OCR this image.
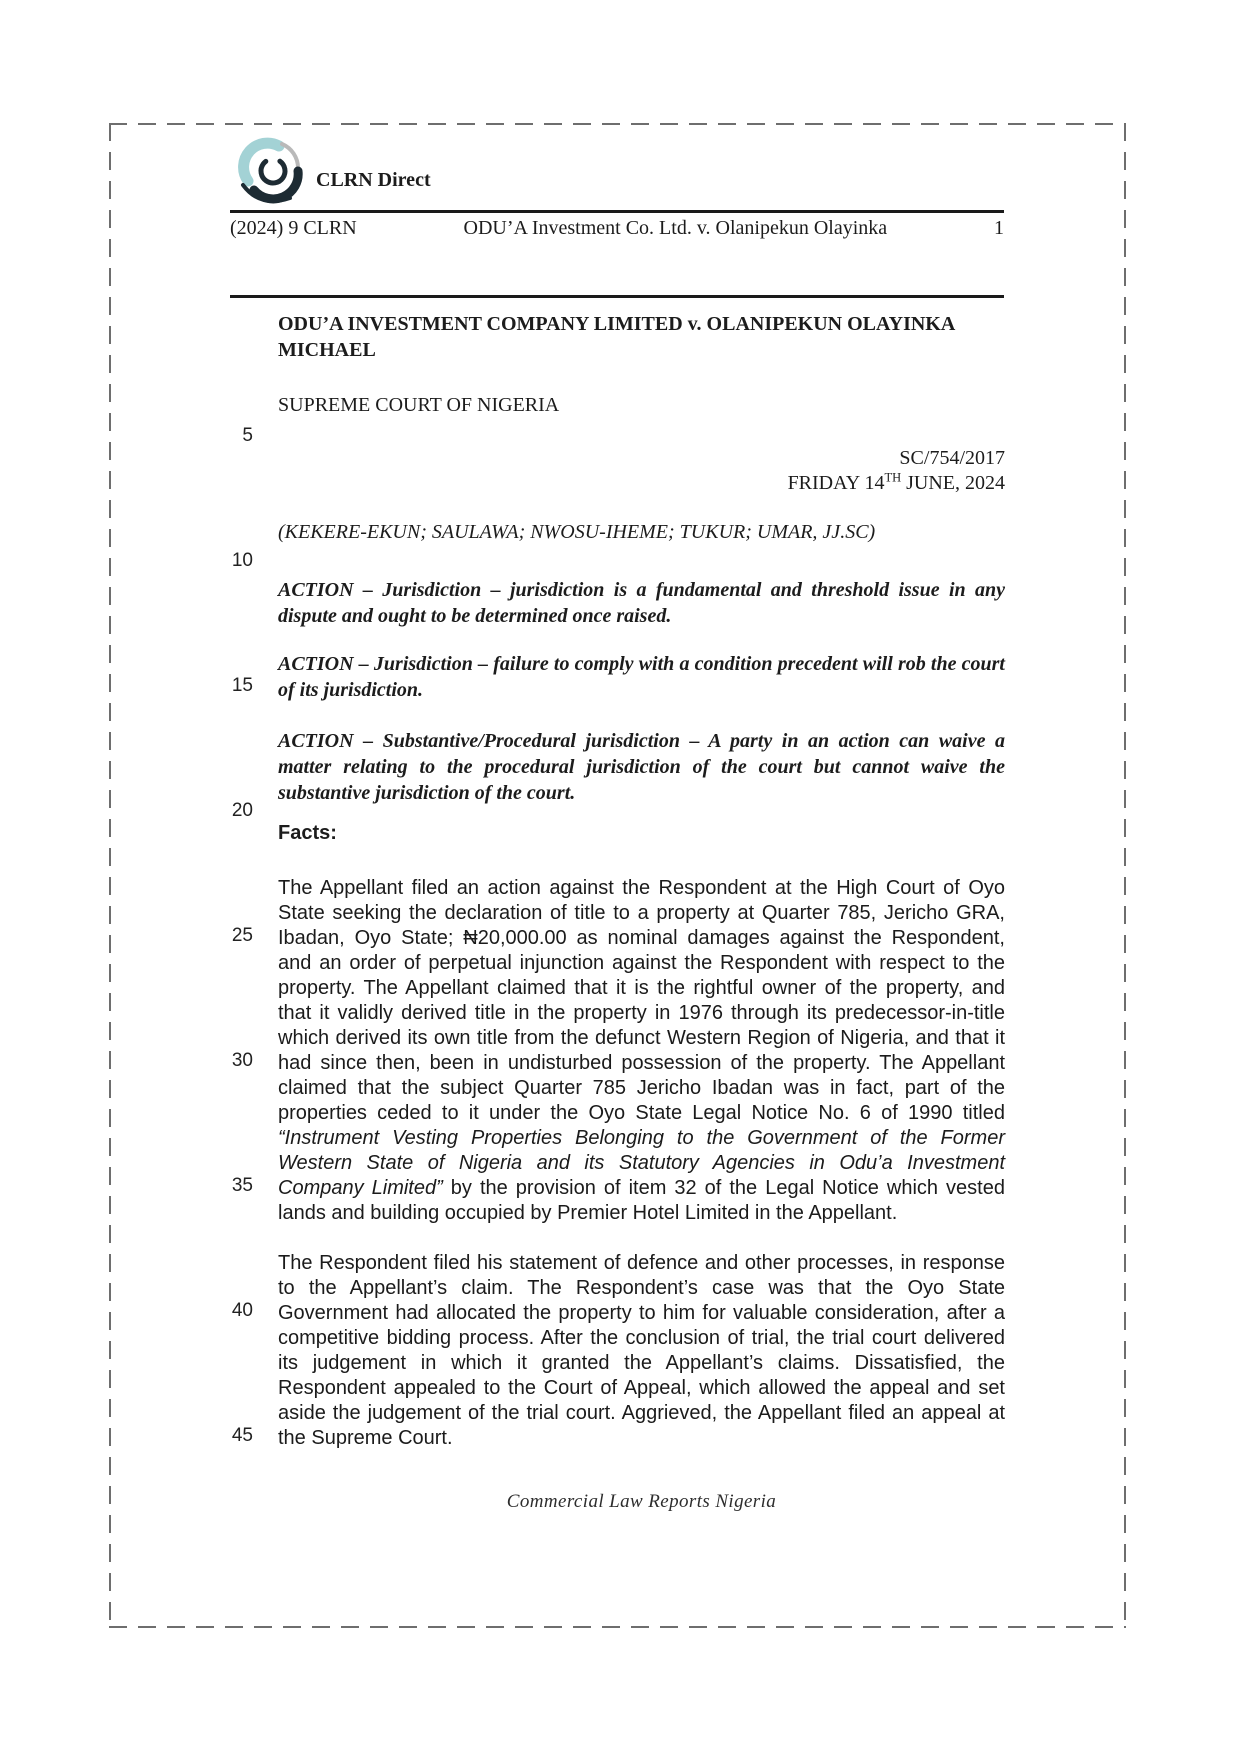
CLRN Direct
(2024) 9 CLRN	ODU’A Investment Co. Ltd. v. Olanipekun Olayinka	1
ODU’A INVESTMENT COMPANY LIMITED v. OLANIPEKUN OLAYINKA MICHAEL
SUPREME COURT OF NIGERIA
SC/754/2017
FRIDAY 14TH JUNE, 2024
(KEKERE-EKUN; SAULAWA; NWOSU-IHEME; TUKUR; UMAR, JJ.SC)
ACTION – Jurisdiction – jurisdiction is a fundamental and threshold issue in any dispute and ought to be determined once raised.
ACTION – Jurisdiction – failure to comply with a condition precedent will rob the court of its jurisdiction.
ACTION – Substantive/Procedural jurisdiction – A party in an action can waive a matter relating to the procedural jurisdiction of the court but cannot waive the substantive jurisdiction of the court.
Facts:
The Appellant filed an action against the Respondent at the High Court of Oyo State seeking the declaration of title to a property at Quarter 785, Jericho GRA, Ibadan, Oyo State; ₦20,000.00 as nominal damages against the Respondent, and an order of perpetual injunction against the Respondent with respect to the property. The Appellant claimed that it is the rightful owner of the property, and that it validly derived title in the property in 1976 through its predecessor-in-title which derived its own title from the defunct Western Region of Nigeria, and that it had since then, been in undisturbed possession of the property. The Appellant claimed that the subject Quarter 785 Jericho Ibadan was in fact, part of the properties ceded to it under the Oyo State Legal Notice No. 6 of 1990 titled “Instrument Vesting Properties Belonging to the Government of the Former Western State of Nigeria and its Statutory Agencies in Odu’a Investment Company Limited” by the provision of item 32 of the Legal Notice which vested lands and building occupied by Premier Hotel Limited in the Appellant.
The Respondent filed his statement of defence and other processes, in response to the Appellant’s claim. The Respondent’s case was that the Oyo State Government had allocated the property to him for valuable consideration, after a competitive bidding process. After the conclusion of trial, the trial court delivered its judgement in which it granted the Appellant’s claims. Dissatisfied, the Respondent appealed to the Court of Appeal, which allowed the appeal and set aside the judgement of the trial court. Aggrieved, the Appellant filed an appeal at the Supreme Court.
5
10
15
20
25
30
35
40
45
Commercial Law Reports Nigeria
